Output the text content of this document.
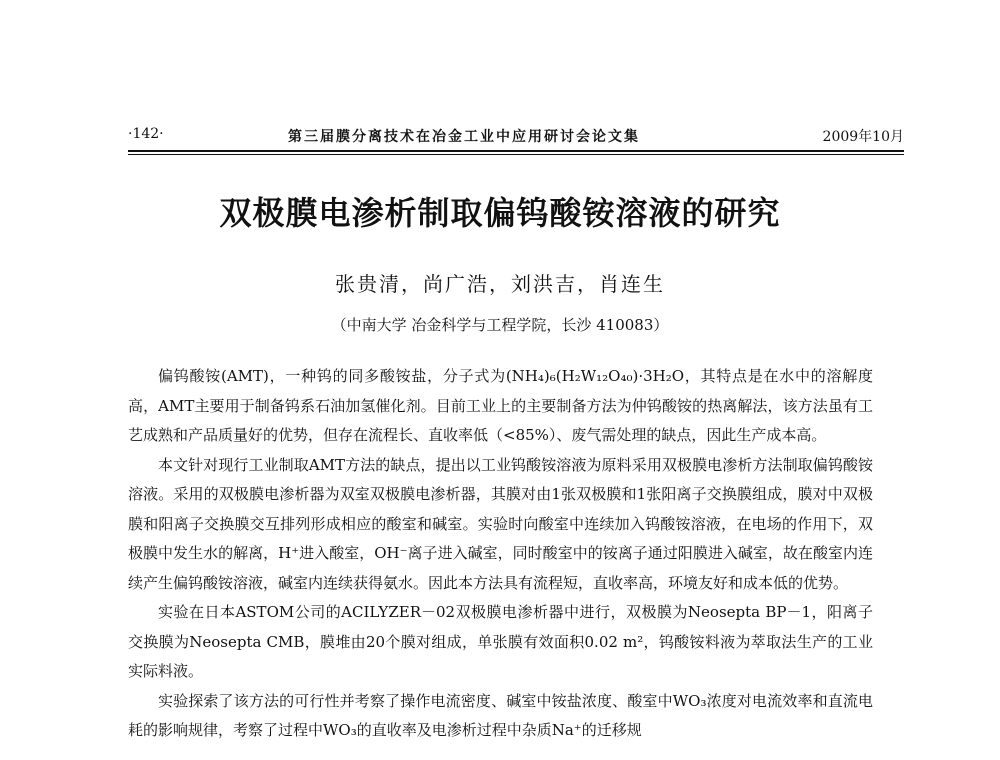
·142·	第三届膜分离技术在冶金工业中应用研讨会论文集	2009年10月
双极膜电渗析制取偏钨酸铵溶液的研究
张贵清，尚广浩，刘洪吉，肖连生
（中南大学 冶金科学与工程学院，长沙 410083）

偏钨酸铵(AMT)，一种钨的同多酸铵盐，分子式为(NH₄)₆(H₂W₁₂O₄₀)·3H₂O，其特点是在水中的溶解度高，AMT主要用于制备钨系石油加氢催化剂。目前工业上的主要制备方法为仲钨酸铵的热离解法，该方法虽有工艺成熟和产品质量好的优势，但存在流程长、直收率低（<85%）、废气需处理的缺点，因此生产成本高。

本文针对现行工业制取AMT方法的缺点，提出以工业钨酸铵溶液为原料采用双极膜电渗析方法制取偏钨酸铵溶液。采用的双极膜电渗析器为双室双极膜电渗析器，其膜对由1张双极膜和1张阳离子交换膜组成，膜对中双极膜和阳离子交换膜交互排列形成相应的酸室和碱室。实验时向酸室中连续加入钨酸铵溶液，在电场的作用下，双极膜中发生水的解离，H⁺进入酸室，OH⁻离子进入碱室，同时酸室中的铵离子通过阳膜进入碱室，故在酸室内连续产生偏钨酸铵溶液，碱室内连续获得氨水。因此本方法具有流程短，直收率高，环境友好和成本低的优势。

实验在日本ASTOM公司的ACILYZER－02双极膜电渗析器中进行，双极膜为Neosepta BP－1，阳离子交换膜为Neosepta CMB，膜堆由20个膜对组成，单张膜有效面积0.02 m²，钨酸铵料液为萃取法生产的工业实际料液。

实验探索了该方法的可行性并考察了操作电流密度、碱室中铵盐浓度、酸室中WO₃浓度对电流效率和直流电耗的影响规律，考察了过程中WO₃的直收率及电渗析过程中杂质Na⁺的迁移规
